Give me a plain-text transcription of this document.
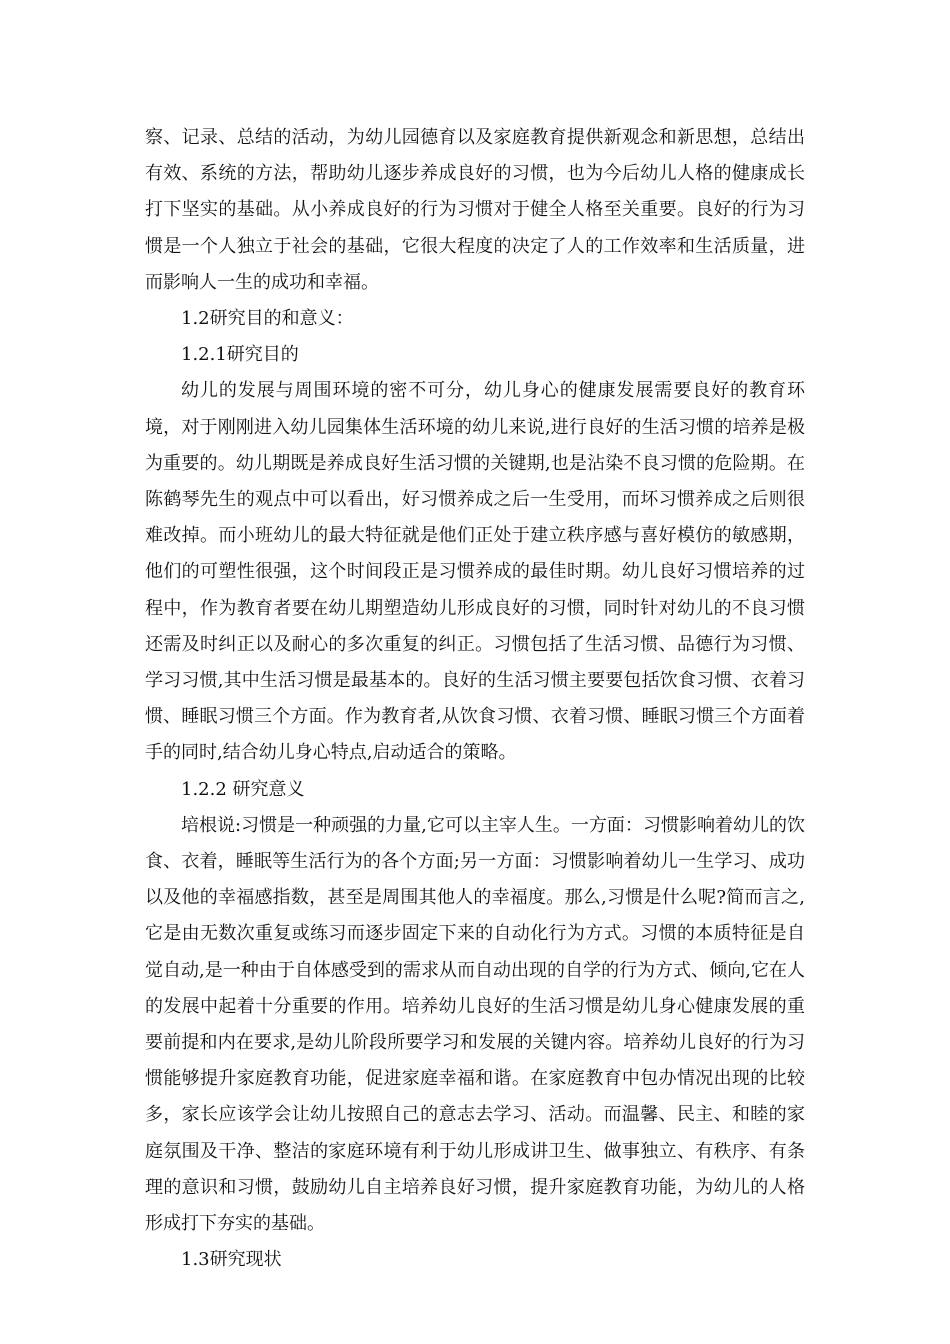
察、记录、总结的活动，为幼儿园德育以及家庭教育提供新观念和新思想，总结出有效、系统的方法，帮助幼儿逐步养成良好的习惯，也为今后幼儿人格的健康成长打下坚实的基础。从小养成良好的行为习惯对于健全人格至关重要。良好的行为习惯是一个人独立于社会的基础，它很大程度的决定了人的工作效率和生活质量，进而影响人一生的成功和幸福。

1.2研究目的和意义：

1.2.1研究目的

幼儿的发展与周围环境的密不可分，幼儿身心的健康发展需要良好的教育环境，对于刚刚进入幼儿园集体生活环境的幼儿来说,进行良好的生活习惯的培养是极为重要的。幼儿期既是养成良好生活习惯的关键期,也是沾染不良习惯的危险期。在陈鹤琴先生的观点中可以看出，好习惯养成之后一生受用，而坏习惯养成之后则很难改掉。而小班幼儿的最大特征就是他们正处于建立秩序感与喜好模仿的敏感期，他们的可塑性很强，这个时间段正是习惯养成的最佳时期。幼儿良好习惯培养的过程中，作为教育者要在幼儿期塑造幼儿形成良好的习惯，同时针对幼儿的不良习惯还需及时纠正以及耐心的多次重复的纠正。习惯包括了生活习惯、品德行为习惯、学习习惯,其中生活习惯是最基本的。良好的生活习惯主要要包括饮食习惯、衣着习惯、睡眠习惯三个方面。作为教育者,从饮食习惯、衣着习惯、睡眠习惯三个方面着手的同时,结合幼儿身心特点,启动适合的策略。

1.2.2 研究意义

培根说:习惯是一种顽强的力量,它可以主宰人生。一方面：习惯影响着幼儿的饮食、衣着，睡眠等生活行为的各个方面;另一方面：习惯影响着幼儿一生学习、成功以及他的幸福感指数，甚至是周围其他人的幸福度。那么,习惯是什么呢?简而言之,它是由无数次重复或练习而逐步固定下来的自动化行为方式。习惯的本质特征是自觉自动,是一种由于自体感受到的需求从而自动出现的自学的行为方式、倾向,它在人的发展中起着十分重要的作用。培养幼儿良好的生活习惯是幼儿身心健康发展的重要前提和内在要求,是幼儿阶段所要学习和发展的关键内容。培养幼儿良好的行为习惯能够提升家庭教育功能，促进家庭幸福和谐。在家庭教育中包办情况出现的比较多，家长应该学会让幼儿按照自己的意志去学习、活动。而温馨、民主、和睦的家庭氛围及干净、整洁的家庭环境有利于幼儿形成讲卫生、做事独立、有秩序、有条理的意识和习惯，鼓励幼儿自主培养良好习惯，提升家庭教育功能，为幼儿的人格形成打下夯实的基础。

1.3研究现状
